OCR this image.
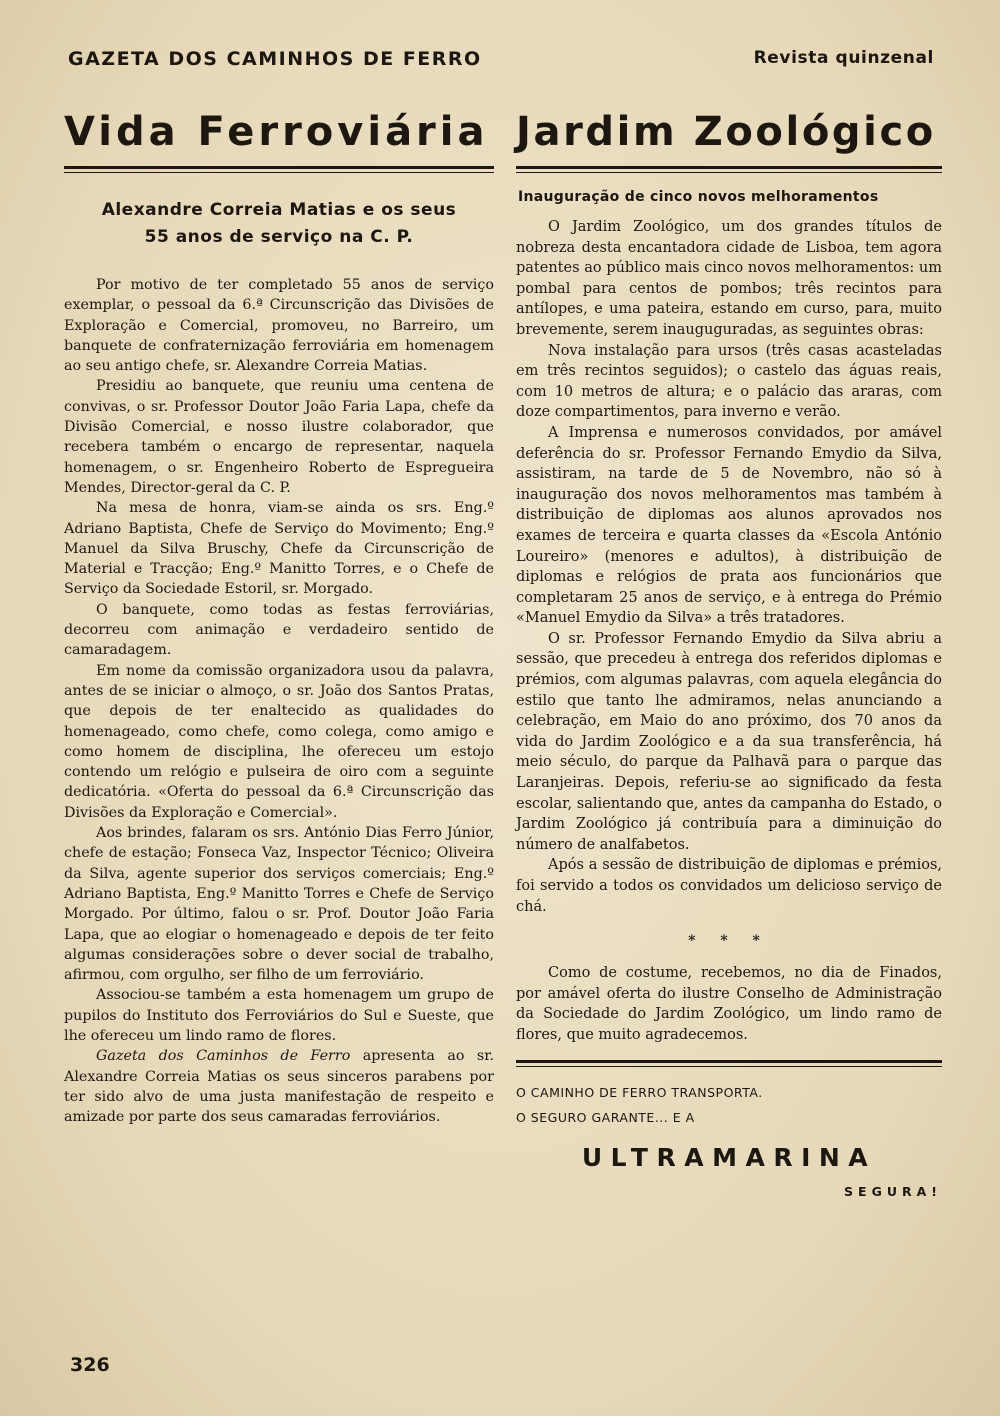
GAZETA DOS CAMINHOS DE FERRO	Revista quinzenal
Vida Ferroviária
Alexandre Correia Matias e os seus
55 anos de serviço na C. P.

Por motivo de ter completado 55 anos de serviço exemplar, o pessoal da 6.ª Circunscrição das Divisões de Exploração e Comercial, promoveu, no Barreiro, um banquete de confraternização ferroviária em homenagem ao seu antigo chefe, sr. Alexandre Correia Matias.

Presidiu ao banquete, que reuniu uma centena de convivas, o sr. Professor Doutor João Faria Lapa, chefe da Divisão Comercial, e nosso ilustre colaborador, que recebera também o encargo de representar, naquela homenagem, o sr. Engenheiro Roberto de Espregueira Mendes, Director-geral da C. P.

Na mesa de honra, viam-se ainda os srs. Eng.º Adriano Baptista, Chefe de Serviço do Movimento; Eng.º Manuel da Silva Bruschy, Chefe da Circunscrição de Material e Tracção; Eng.º Manitto Torres, e o Chefe de Serviço da Sociedade Estoril, sr. Morgado.

O banquete, como todas as festas ferroviárias, decorreu com animação e verdadeiro sentido de camaradagem.

Em nome da comissão organizadora usou da palavra, antes de se iniciar o almoço, o sr. João dos Santos Pratas, que depois de ter enaltecido as qualidades do homenageado, como chefe, como colega, como amigo e como homem de disciplina, lhe ofereceu um estojo contendo um relógio e pulseira de oiro com a seguinte dedicatória. «Oferta do pessoal da 6.ª Circunscrição das Divisões da Exploração e Comercial».

Aos brindes, falaram os srs. António Dias Ferro Júnior, chefe de estação; Fonseca Vaz, Inspector Técnico; Oliveira da Silva, agente superior dos serviços comerciais; Eng.º Adriano Baptista, Eng.º Manitto Torres e Chefe de Serviço Morgado. Por último, falou o sr. Prof. Doutor João Faria Lapa, que ao elogiar o homenageado e depois de ter feito algumas considerações sobre o dever social de trabalho, afirmou, com orgulho, ser filho de um ferroviário.

Associou-se também a esta homenagem um grupo de pupilos do Instituto dos Ferroviários do Sul e Sueste, que lhe ofereceu um lindo ramo de flores.

Gazeta dos Caminhos de Ferro apresenta ao sr. Alexandre Correia Matias os seus sinceros parabens por ter sido alvo de uma justa manifestação de respeito e amizade por parte dos seus camaradas ferroviários.

Jardim Zoológico
Inauguração de cinco novos melhoramentos

O Jardim Zoológico, um dos grandes títulos de nobreza desta encantadora cidade de Lisboa, tem agora patentes ao público mais cinco novos melhoramentos: um pombal para centos de pombos; três recintos para antílopes, e uma pateira, estando em curso, para, muito brevemente, serem inauguguradas, as seguintes obras:

Nova instalação para ursos (três casas acasteladas em três recintos seguidos); o castelo das águas reais, com 10 metros de altura; e o palácio das araras, com doze compartimentos, para inverno e verão.

A Imprensa e numerosos convidados, por amável deferência do sr. Professor Fernando Emydio da Silva, assistiram, na tarde de 5 de Novembro, não só à inauguração dos novos melhoramentos mas também à distribuição de diplomas aos alunos aprovados nos exames de terceira e quarta classes da «Escola António Loureiro» (menores e adultos), à distribuição de diplomas e relógios de prata aos funcionários que completaram 25 anos de serviço, e à entrega do Prémio «Manuel Emydio da Silva» a três tratadores.

O sr. Professor Fernando Emydio da Silva abriu a sessão, que precedeu à entrega dos referidos diplomas e prémios, com algumas palavras, com aquela elegância do estilo que tanto lhe admiramos, nelas anunciando a celebração, em Maio do ano próximo, dos 70 anos da vida do Jardim Zoológico e a da sua transferência, há meio século, do parque da Palhavã para o parque das Laranjeiras. Depois, referiu-se ao significado da festa escolar, salientando que, antes da campanha do Estado, o Jardim Zoológico já contribuía para a diminuição do número de analfabetos.

Após a sessão de distribuição de diplomas e prémios, foi servido a todos os convidados um delicioso serviço de chá.

* * *

Como de costume, recebemos, no dia de Finados, por amável oferta do ilustre Conselho de Administração da Sociedade do Jardim Zoológico, um lindo ramo de flores, que muito agradecemos.

O CAMINHO DE FERRO TRANSPORTA.

O SEGURO GARANTE... E A

ULTRAMARINA
SEGURA!
326
